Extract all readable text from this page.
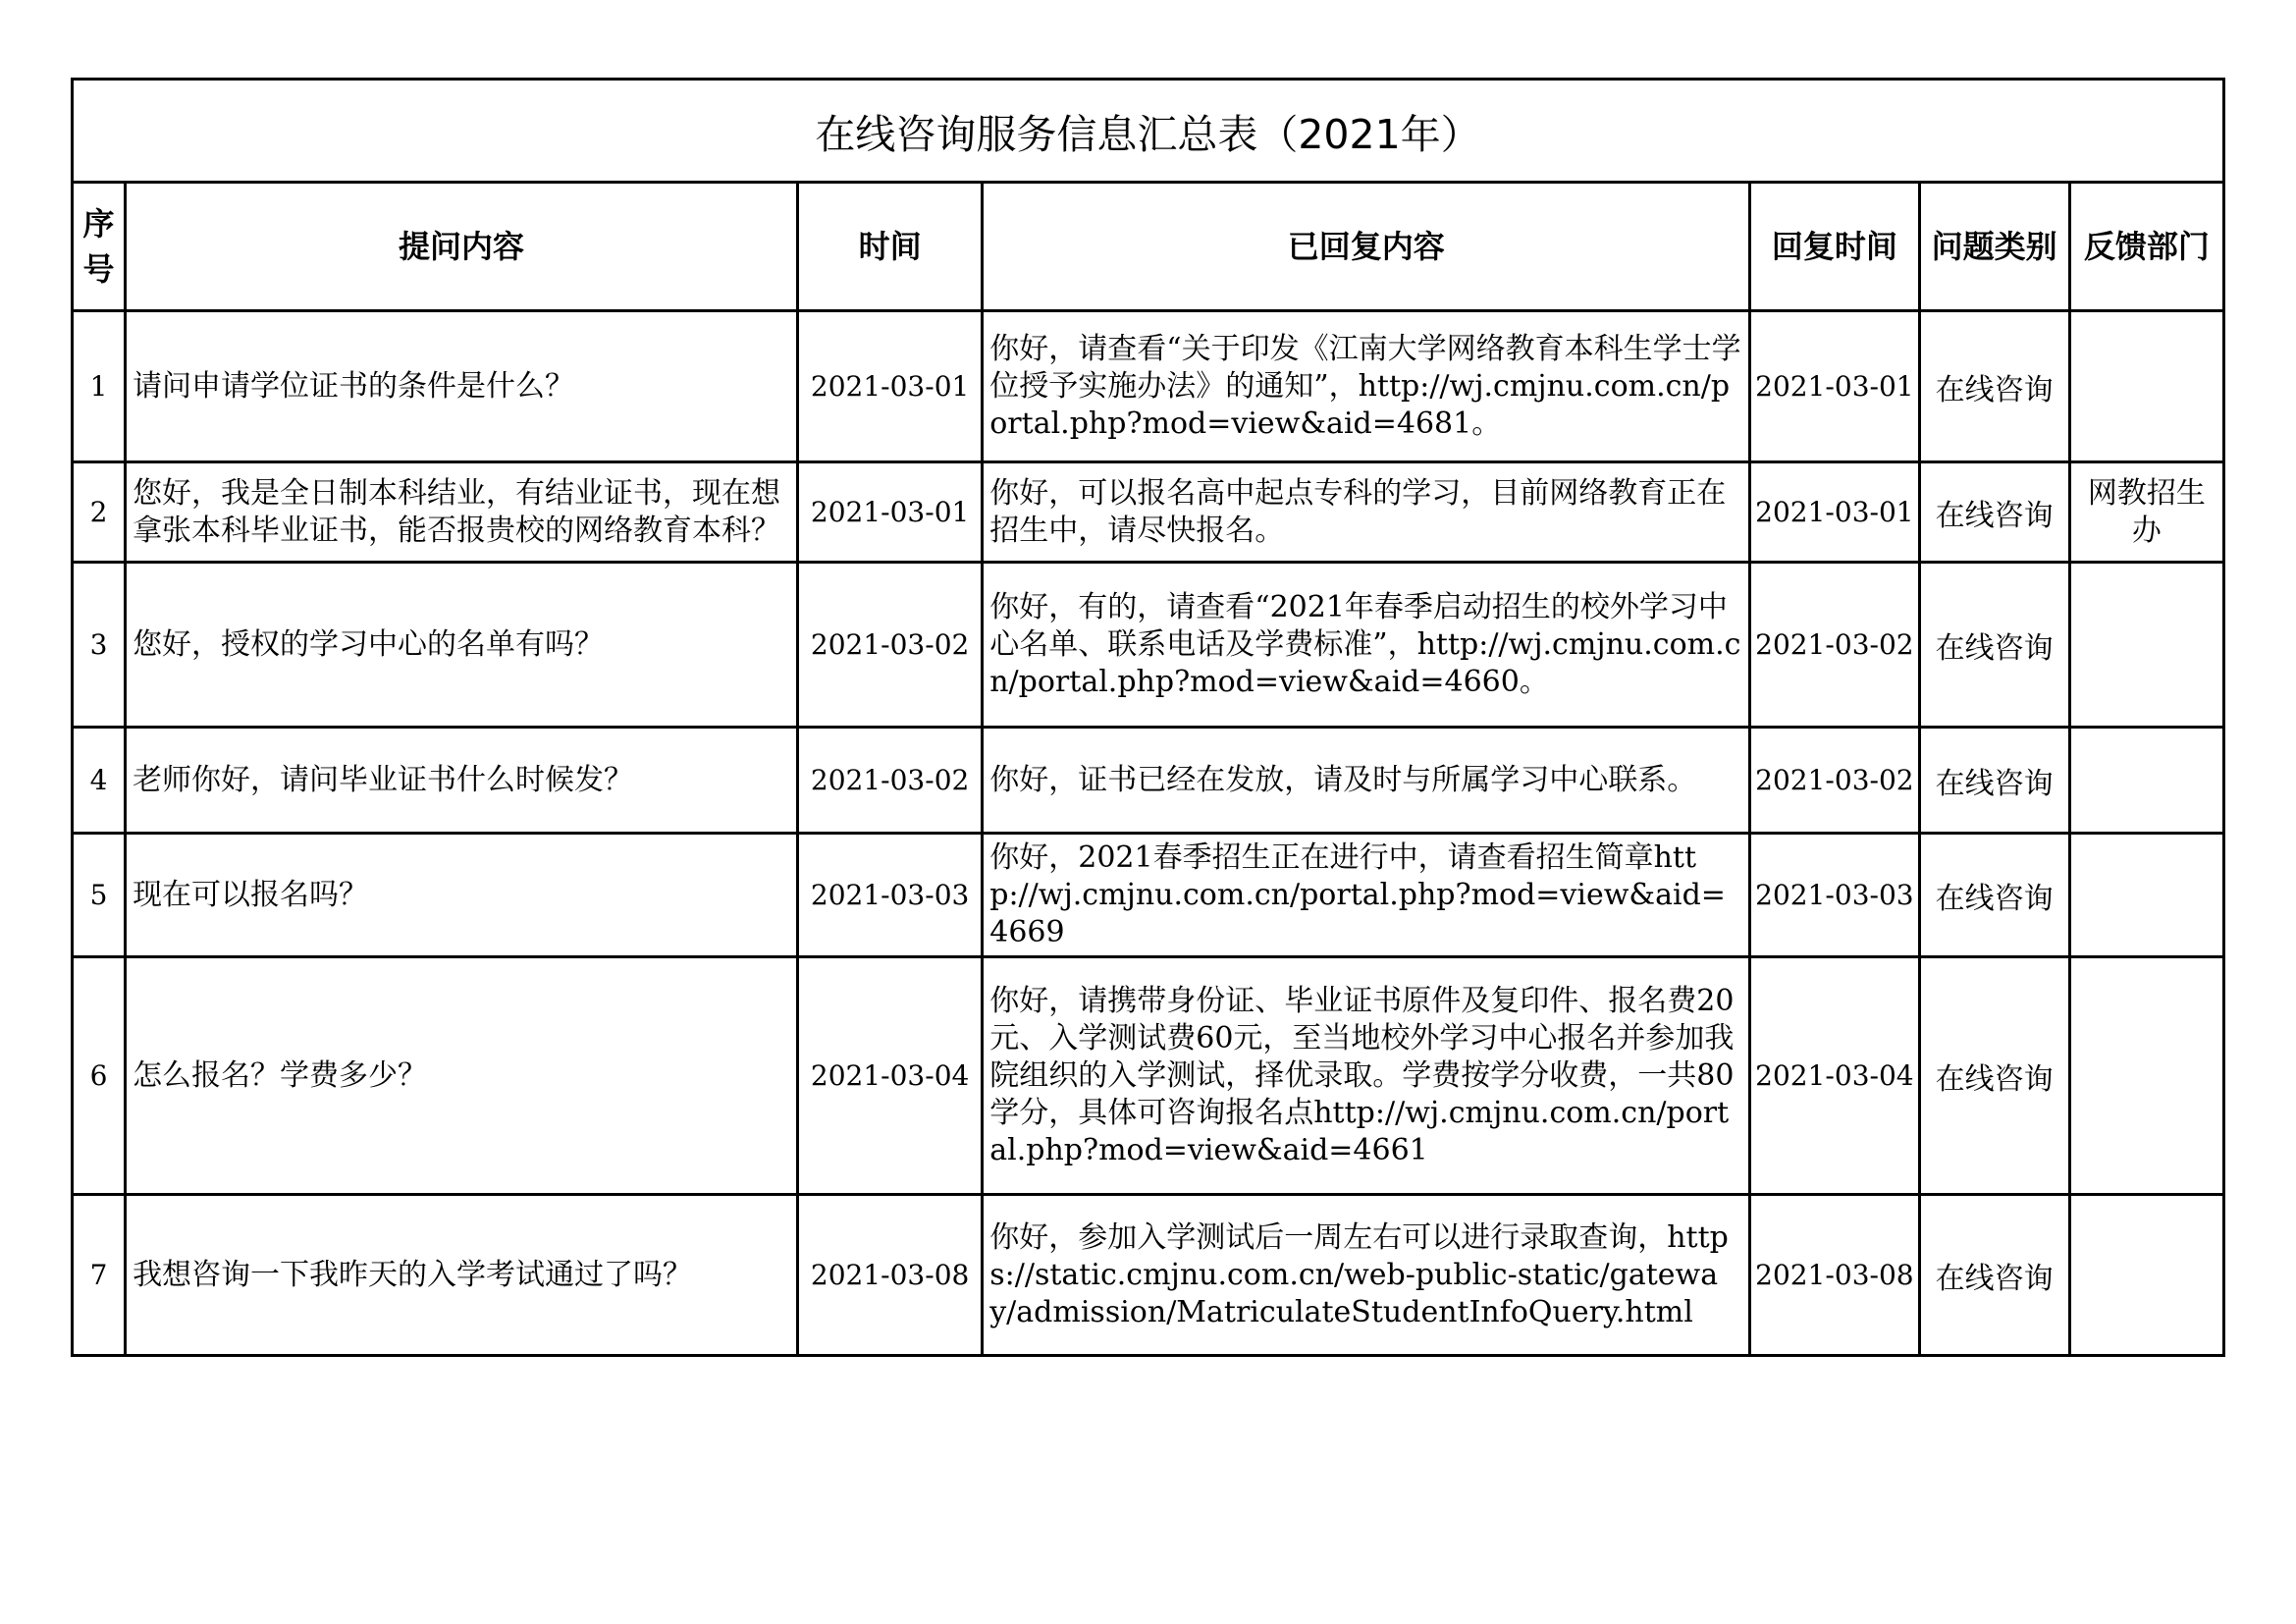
在线咨询服务信息汇总表（2021年）						
序号	提问内容	时间	已回复内容	回复时间	问题类别	反馈部门
1	请问申请学位证书的条件是什么？	2021-03-01	你好，请查看“关于印发《江南大学网络教育本科生学士学位授予实施办法》的通知”，http://wj.cmjnu.com.cn/portal.php?mod=view&aid=4681。	2021-03-01	在线咨询	
2	您好，我是全日制本科结业，有结业证书，现在想拿张本科毕业证书，能否报贵校的网络教育本科？	2021-03-01	你好，可以报名高中起点专科的学习，目前网络教育正在招生中，请尽快报名。	2021-03-01	在线咨询	网教招生办
3	您好，授权的学习中心的名单有吗？	2021-03-02	你好，有的，请查看“2021年春季启动招生的校外学习中心名单、联系电话及学费标准”，http://wj.cmjnu.com.cn/portal.php?mod=view&aid=4660。	2021-03-02	在线咨询	
4	老师你好，请问毕业证书什么时候发？	2021-03-02	你好，证书已经在发放，请及时与所属学习中心联系。	2021-03-02	在线咨询	
5	现在可以报名吗？	2021-03-03	你好，2021春季招生正在进行中，请查看招生简章http://wj.cmjnu.com.cn/portal.php?mod=view&aid=4669	2021-03-03	在线咨询	
6	怎么报名？学费多少？	2021-03-04	你好，请携带身份证、毕业证书原件及复印件、报名费20元、入学测试费60元，至当地校外学习中心报名并参加我院组织的入学测试，择优录取。学费按学分收费，一共80学分，具体可咨询报名点http://wj.cmjnu.com.cn/portal.php?mod=view&aid=4661	2021-03-04	在线咨询	
7	我想咨询一下我昨天的入学考试通过了吗？	2021-03-08	你好，参加入学测试后一周左右可以进行录取查询，https://static.cmjnu.com.cn/web-public-static/gateway/admission/MatriculateStudentInfoQuery.html	2021-03-08	在线咨询	
